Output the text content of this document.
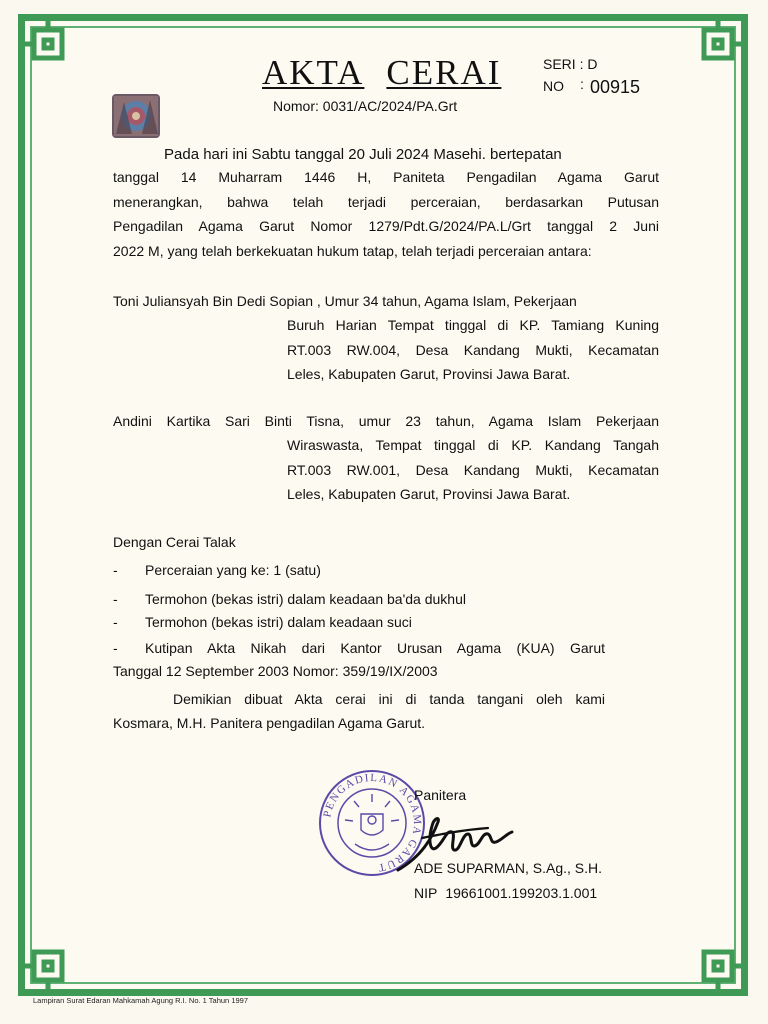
AKTA CERAI	SERI : D
NO : 00915
Nomor: 0031/AC/2024/PA.Grt
Pada hari ini Sabtu tanggal 20 Juli 2024 Masehi. bertepatan
tanggal 14 Muharram 1446 H, Paniteta Pengadilan Agama Garut
menerangkan, bahwa telah terjadi perceraian, berdasarkan Putusan
Pengadilan Agama Garut Nomor 1279/Pdt.G/2024/PA.L/Grt tanggal 2 Juni
2022 M, yang telah berkekuatan hukum tatap, telah terjadi perceraian antara:
Toni Juliansyah Bin Dedi Sopian , Umur 34 tahun, Agama Islam, Pekerjaan
Buruh Harian Tempat tinggal di KP. Tamiang Kuning
RT.003 RW.004, Desa Kandang Mukti, Kecamatan
Leles, Kabupaten Garut, Provinsi Jawa Barat.
Andini Kartika Sari Binti Tisna, umur 23 tahun, Agama Islam Pekerjaan
Wiraswasta, Tempat tinggal di KP. Kandang Tangah
RT.003 RW.001, Desa Kandang Mukti, Kecamatan
Leles, Kabupaten Garut, Provinsi Jawa Barat.
Dengan Cerai Talak
- Perceraian yang ke: 1 (satu)
- Termohon (bekas istri) dalam keadaan ba'da dukhul
- Termohon (bekas istri) dalam keadaan suci
- Kutipan Akta Nikah dari Kantor Urusan Agama (KUA) Garut
Tanggal 12 September 2003 Nomor: 359/19/IX/2003
Demikian dibuat Akta cerai ini di tanda tangani oleh kami
Kosmara, M.H. Panitera pengadilan Agama Garut.
PENGADILAN AGAMA GARUT
Panitera
ADE SUPARMAN, S.Ag., S.H.
NIP 19661001.199203.1.001
Lampiran Surat Edaran Mahkamah Agung R.I. No. 1 Tahun 1997
